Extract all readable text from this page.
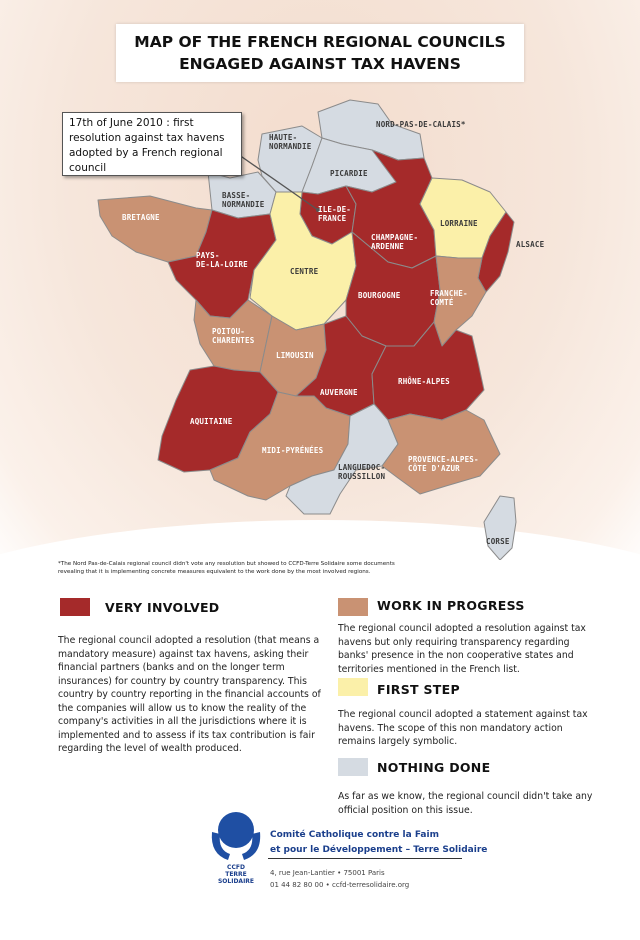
MAP OF THE FRENCH REGIONAL COUNCILS
ENGAGED AGAINST TAX HAVENS
NORD-PAS-DE-CALAIS*
HAUTE-NORMANDIE
PICARDIE
BASSE-NORMANDIE
BRETAGNE
ILE-DE-FRANCE
CHAMPAGNE-ARDENNE
LORRAINE
ALSACE
PAYS-DE-LA-LOIRE
CENTRE
BOURGOGNE	FRANCHE-COMTÉ
POITOU-CHARENTES
LIMOUSIN
AUVERGNE
RHÔNE-ALPES
AQUITAINE
MIDI-PYRÉNÉES
PROVENCE-ALPES-CÔTE D'AZUR
LANGUEDOC-ROUSSILLON
CORSE
17th of June 2010 : first resolution against tax havens adopted by a French regional council
*The Nord Pas-de-Calais regional council didn't vote any resolution but showed to CCFD-Terre Solidaire some documents
revealing that it is implementing concrete measures equivalent to the work done by the most involved regions.
VERY INVOLVED
The regional council adopted a resolution (that means a mandatory measure) against tax havens, asking their financial partners (banks and on the longer term insurances) for country by country transparency. This country by country reporting in the financial accounts of the companies will allow us to know the reality of the company's activities in all the jurisdictions where it is implemented and to assess if its tax contribution is fair regarding the level of wealth produced.
WORK IN PROGRESS
The regional council adopted a resolution against tax havens but only requiring transparency regarding banks' presence in the non cooperative states and territories mentioned in the French list.
FIRST STEP
The regional council adopted a statement against tax havens. The scope of this non mandatory action remains largely symbolic.
NOTHING DONE
As far as we know, the regional council didn't take any official position on this issue.
CCFD
TERRE
SOLIDAIRE
Comité Catholique contre la Faim
et pour le Développement – Terre Solidaire
4, rue Jean-Lantier • 75001 Paris
01 44 82 80 00 • ccfd-terresolidaire.org
